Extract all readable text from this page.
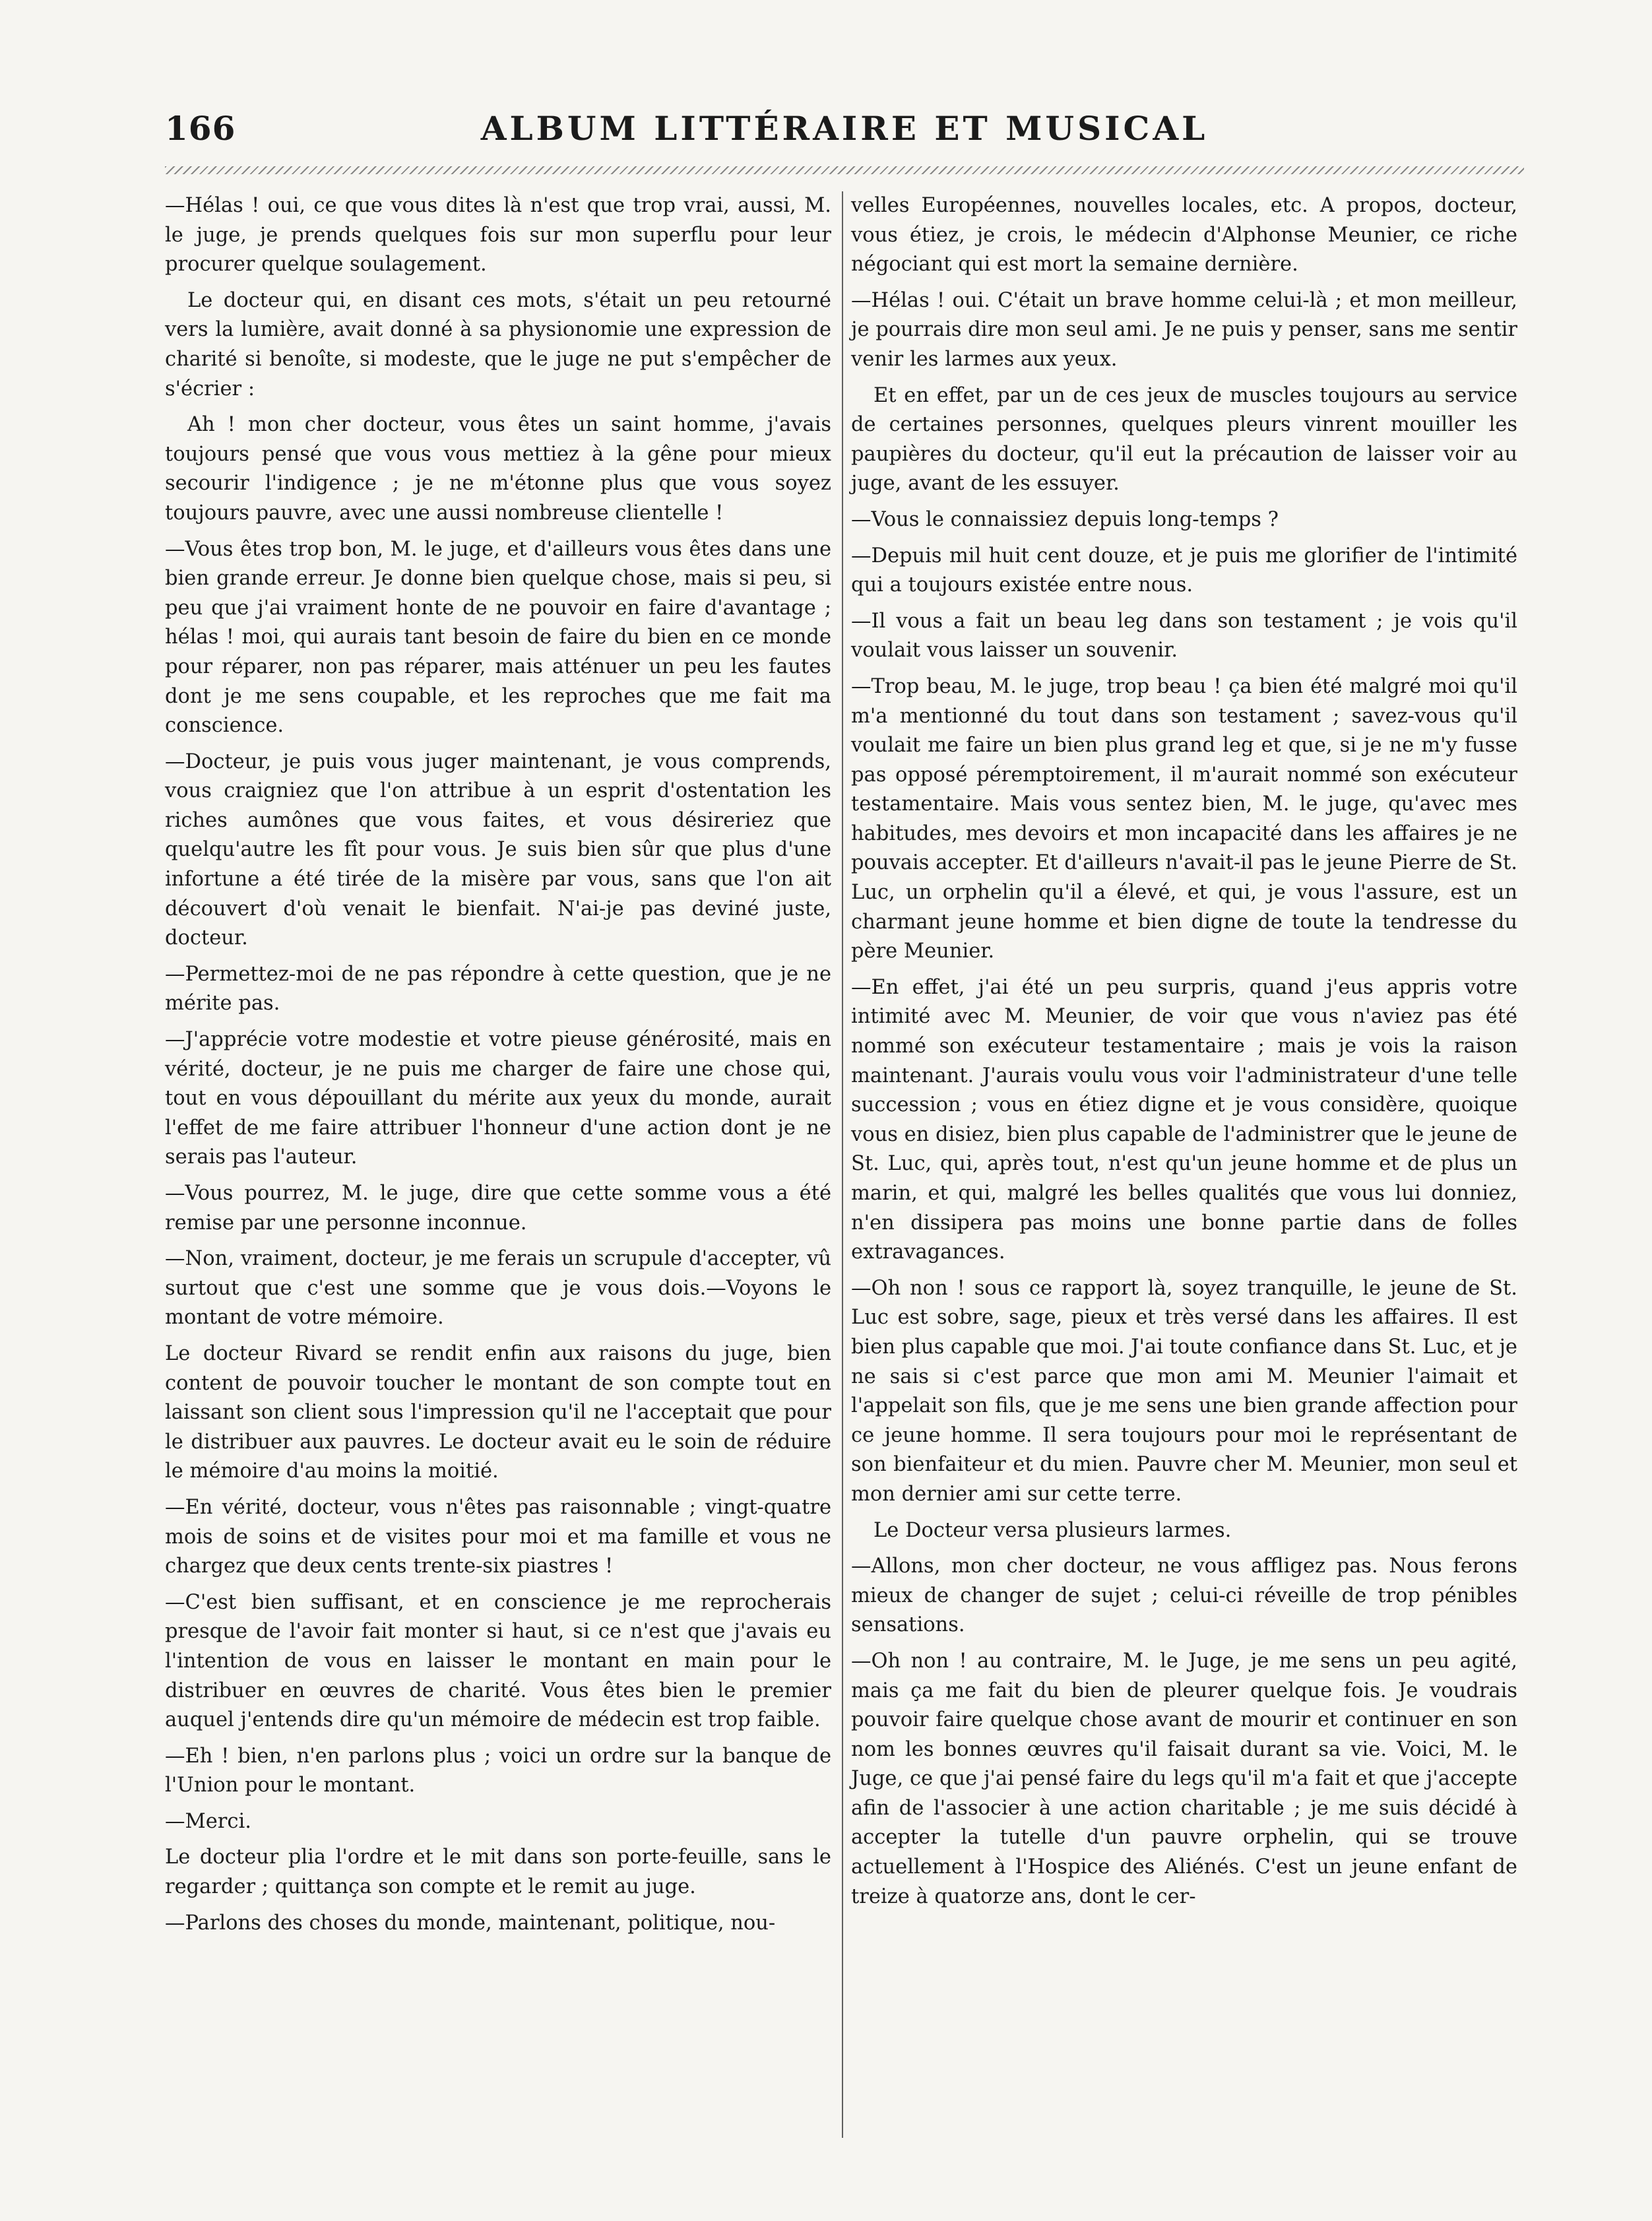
166	ALBUM LITTÉRAIRE ET MUSICAL

—Hélas ! oui, ce que vous dites là n'est que trop vrai, aussi, M. le juge, je prends quelques fois sur mon superflu pour leur procurer quelque soulagement.

Le docteur qui, en disant ces mots, s'était un peu retourné vers la lumière, avait donné à sa physionomie une expression de charité si benoîte, si modeste, que le juge ne put s'empêcher de s'écrier :

Ah ! mon cher docteur, vous êtes un saint homme, j'avais toujours pensé que vous vous mettiez à la gêne pour mieux secourir l'indigence ; je ne m'étonne plus que vous soyez toujours pauvre, avec une aussi nombreuse clientelle !

—Vous êtes trop bon, M. le juge, et d'ailleurs vous êtes dans une bien grande erreur. Je donne bien quelque chose, mais si peu, si peu que j'ai vraiment honte de ne pouvoir en faire d'avantage ; hélas ! moi, qui aurais tant besoin de faire du bien en ce monde pour réparer, non pas réparer, mais atténuer un peu les fautes dont je me sens coupable, et les reproches que me fait ma conscience.

—Docteur, je puis vous juger maintenant, je vous comprends, vous craigniez que l'on attribue à un esprit d'ostentation les riches aumônes que vous faites, et vous désireriez que quelqu'autre les fît pour vous. Je suis bien sûr que plus d'une infortune a été tirée de la misère par vous, sans que l'on ait découvert d'où venait le bienfait. N'ai-je pas deviné juste, docteur.

—Permettez-moi de ne pas répondre à cette question, que je ne mérite pas.

—J'apprécie votre modestie et votre pieuse générosité, mais en vérité, docteur, je ne puis me charger de faire une chose qui, tout en vous dépouillant du mérite aux yeux du monde, aurait l'effet de me faire attribuer l'honneur d'une action dont je ne serais pas l'auteur.

—Vous pourrez, M. le juge, dire que cette somme vous a été remise par une personne inconnue.

—Non, vraiment, docteur, je me ferais un scrupule d'accepter, vû surtout que c'est une somme que je vous dois.—Voyons le montant de votre mémoire.

Le docteur Rivard se rendit enfin aux raisons du juge, bien content de pouvoir toucher le montant de son compte tout en laissant son client sous l'impression qu'il ne l'acceptait que pour le distribuer aux pauvres. Le docteur avait eu le soin de réduire le mémoire d'au moins la moitié.

—En vérité, docteur, vous n'êtes pas raisonnable ; vingt-quatre mois de soins et de visites pour moi et ma famille et vous ne chargez que deux cents trente-six piastres !

—C'est bien suffisant, et en conscience je me reprocherais presque de l'avoir fait monter si haut, si ce n'est que j'avais eu l'intention de vous en laisser le montant en main pour le distribuer en œuvres de charité. Vous êtes bien le premier auquel j'entends dire qu'un mémoire de médecin est trop faible.

—Eh ! bien, n'en parlons plus ; voici un ordre sur la banque de l'Union pour le montant.

—Merci.

Le docteur plia l'ordre et le mit dans son porte-feuille, sans le regarder ; quittança son compte et le remit au juge.

—Parlons des choses du monde, maintenant, politique, nou-

velles Européennes, nouvelles locales, etc. A propos, docteur, vous étiez, je crois, le médecin d'Alphonse Meunier, ce riche négociant qui est mort la semaine dernière.

—Hélas ! oui. C'était un brave homme celui-là ; et mon meilleur, je pourrais dire mon seul ami. Je ne puis y penser, sans me sentir venir les larmes aux yeux.

Et en effet, par un de ces jeux de muscles toujours au service de certaines personnes, quelques pleurs vinrent mouiller les paupières du docteur, qu'il eut la précaution de laisser voir au juge, avant de les essuyer.

—Vous le connaissiez depuis long-temps ?

—Depuis mil huit cent douze, et je puis me glorifier de l'intimité qui a toujours existée entre nous.

—Il vous a fait un beau leg dans son testament ; je vois qu'il voulait vous laisser un souvenir.

—Trop beau, M. le juge, trop beau ! ça bien été malgré moi qu'il m'a mentionné du tout dans son testament ; savez-vous qu'il voulait me faire un bien plus grand leg et que, si je ne m'y fusse pas opposé péremptoirement, il m'aurait nommé son exécuteur testamentaire. Mais vous sentez bien, M. le juge, qu'avec mes habitudes, mes devoirs et mon incapacité dans les affaires je ne pouvais accepter. Et d'ailleurs n'avait-il pas le jeune Pierre de St. Luc, un orphelin qu'il a élevé, et qui, je vous l'assure, est un charmant jeune homme et bien digne de toute la tendresse du père Meunier.

—En effet, j'ai été un peu surpris, quand j'eus appris votre intimité avec M. Meunier, de voir que vous n'aviez pas été nommé son exécuteur testamentaire ; mais je vois la raison maintenant. J'aurais voulu vous voir l'administrateur d'une telle succession ; vous en étiez digne et je vous considère, quoique vous en disiez, bien plus capable de l'administrer que le jeune de St. Luc, qui, après tout, n'est qu'un jeune homme et de plus un marin, et qui, malgré les belles qualités que vous lui donniez, n'en dissipera pas moins une bonne partie dans de folles extravagances.

—Oh non ! sous ce rapport là, soyez tranquille, le jeune de St. Luc est sobre, sage, pieux et très versé dans les affaires. Il est bien plus capable que moi. J'ai toute confiance dans St. Luc, et je ne sais si c'est parce que mon ami M. Meunier l'aimait et l'appelait son fils, que je me sens une bien grande affection pour ce jeune homme. Il sera toujours pour moi le représentant de son bienfaiteur et du mien. Pauvre cher M. Meunier, mon seul et mon dernier ami sur cette terre.

Le Docteur versa plusieurs larmes.

—Allons, mon cher docteur, ne vous affligez pas. Nous ferons mieux de changer de sujet ; celui-ci réveille de trop pénibles sensations.

—Oh non ! au contraire, M. le Juge, je me sens un peu agité, mais ça me fait du bien de pleurer quelque fois. Je voudrais pouvoir faire quelque chose avant de mourir et continuer en son nom les bonnes œuvres qu'il faisait durant sa vie. Voici, M. le Juge, ce que j'ai pensé faire du legs qu'il m'a fait et que j'accepte afin de l'associer à une action charitable ; je me suis décidé à accepter la tutelle d'un pauvre orphelin, qui se trouve actuellement à l'Hospice des Aliénés. C'est un jeune enfant de treize à quatorze ans, dont le cer-
